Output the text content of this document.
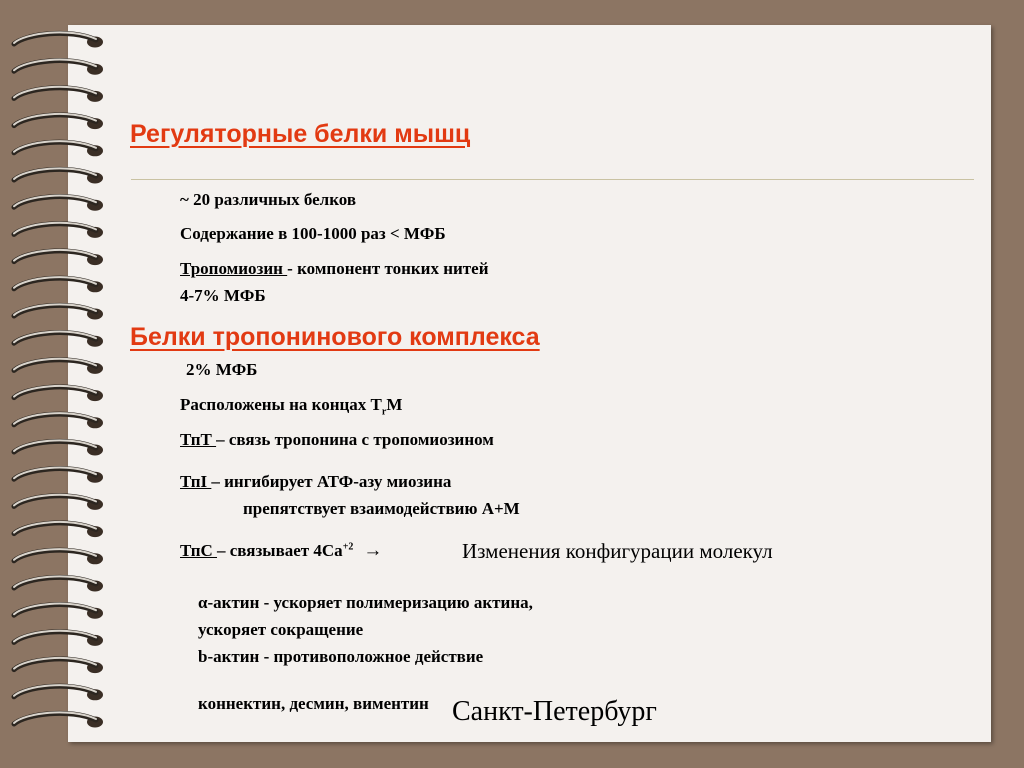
Регуляторные белки мышц
~ 20 различных белков
Содержание в 100-1000 раз < МФБ
Тропомиозин - компонент тонких нитей
4-7% МФБ
Белки тропонинового комплекса
2% МФБ
Расположены на концах $Т_rМ$
ТпТ – связь тропонина с тропомиозином
ТпI – ингибирует АТФ-азу миозина
препятствует взаимодействию А+М
ТпС – связывает $4Са^{+2}$ →	Изменения конфигурации молекул
α-актин - ускоряет полимеризацию актина,
ускоряет сокращение
b-актин - противоположное действие
коннектин, десмин, виментин Санкт-Петербург
